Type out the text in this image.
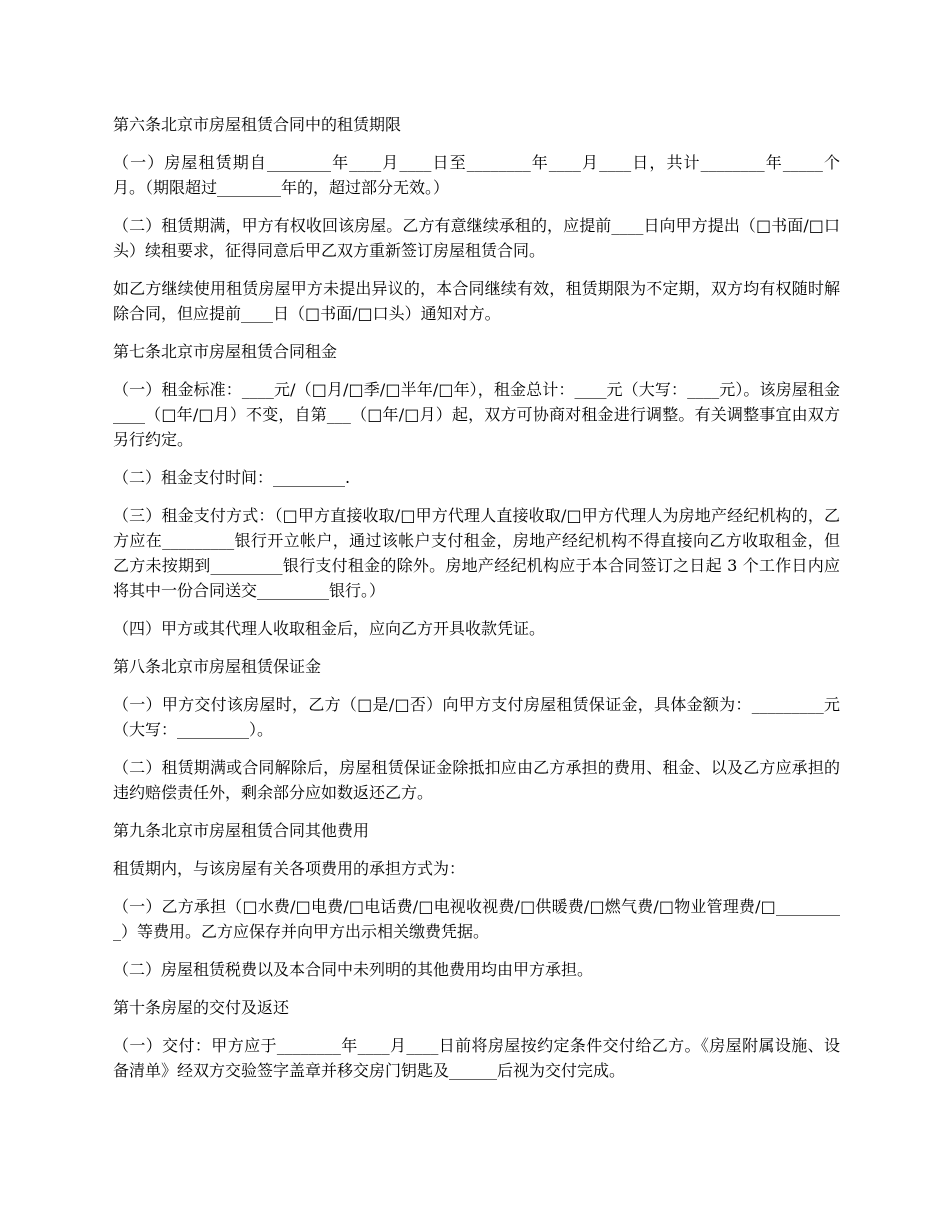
第六条北京市房屋租赁合同中的租赁期限

（一）房屋租赁期自________年____月____日至________年____月____日，共计________年_____个月。（期限超过________年的，超过部分无效。）

（二）租赁期满，甲方有权收回该房屋。乙方有意继续承租的，应提前____日向甲方提出（□书面/□口头）续租要求，征得同意后甲乙双方重新签订房屋租赁合同。

如乙方继续使用租赁房屋甲方未提出异议的，本合同继续有效，租赁期限为不定期，双方均有权随时解除合同，但应提前____日（□书面/□口头）通知对方。

第七条北京市房屋租赁合同租金

（一）租金标准：____元/（□月/□季/□半年/□年），租金总计：____元（大写：____元）。该房屋租金____（□年/□月）不变，自第___（□年/□月）起，双方可协商对租金进行调整。有关调整事宜由双方另行约定。

（二）租金支付时间：_________.

（三）租金支付方式：（□甲方直接收取/□甲方代理人直接收取/□甲方代理人为房地产经纪机构的，乙方应在_________银行开立帐户，通过该帐户支付租金，房地产经纪机构不得直接向乙方收取租金，但乙方未按期到_________银行支付租金的除外。房地产经纪机构应于本合同签订之日起 3 个工作日内应将其中一份合同送交_________银行。）

（四）甲方或其代理人收取租金后，应向乙方开具收款凭证。

第八条北京市房屋租赁保证金

（一）甲方交付该房屋时，乙方（□是/□否）向甲方支付房屋租赁保证金，具体金额为：_________元（大写：_________）。

（二）租赁期满或合同解除后，房屋租赁保证金除抵扣应由乙方承担的费用、租金、以及乙方应承担的违约赔偿责任外，剩余部分应如数返还乙方。

第九条北京市房屋租赁合同其他费用

租赁期内，与该房屋有关各项费用的承担方式为：

（一）乙方承担（□水费/□电费/□电话费/□电视收视费/□供暖费/□燃气费/□物业管理费/□_________）等费用。乙方应保存并向甲方出示相关缴费凭据。

（二）房屋租赁税费以及本合同中未列明的其他费用均由甲方承担。

第十条房屋的交付及返还

（一）交付：甲方应于________年____月____日前将房屋按约定条件交付给乙方。《房屋附属设施、设备清单》经双方交验签字盖章并移交房门钥匙及______后视为交付完成。
